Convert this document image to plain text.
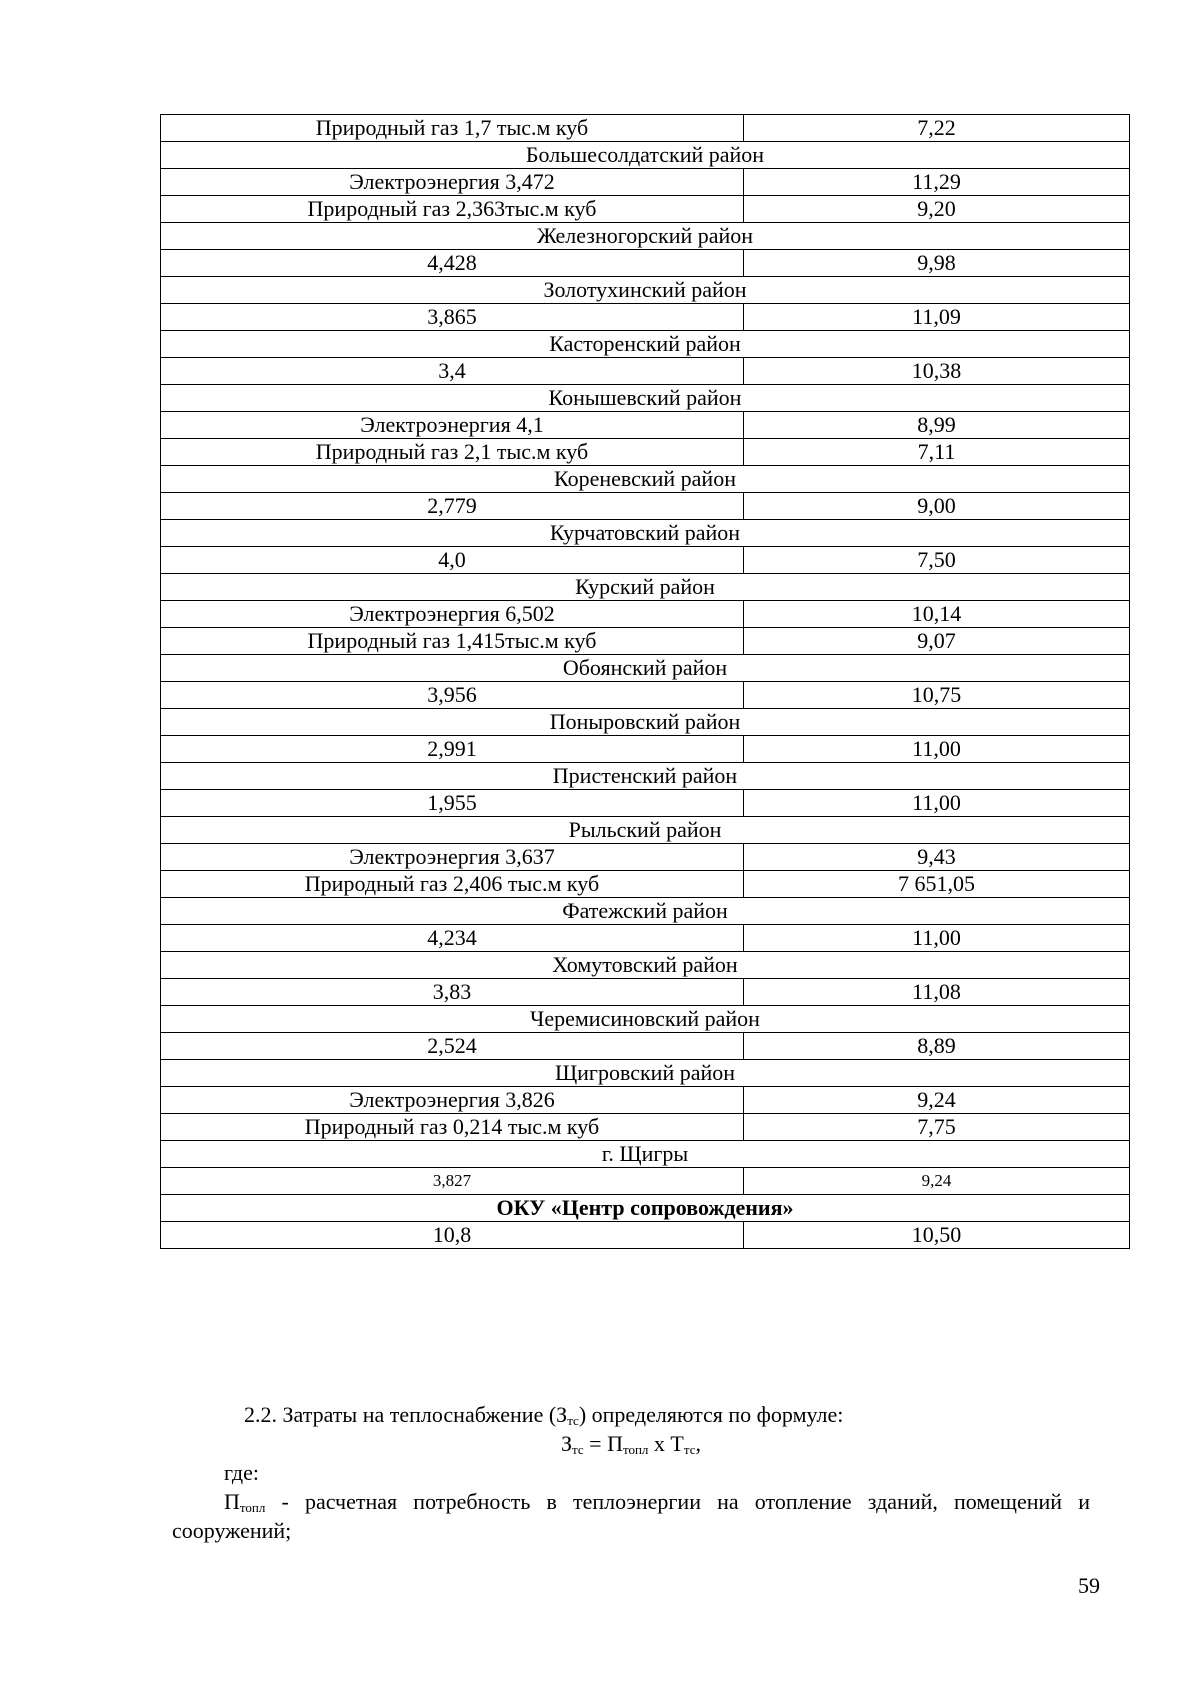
Природный газ 1,7 тыс.м куб	7,22
Большесолдатский район	
Электроэнергия 3,472	11,29
Природный газ 2,363тыс.м куб	9,20
Железногорский район	
4,428	9,98
Золотухинский район	
3,865	11,09
Касторенский район	
3,4	10,38
Конышевский район	
Электроэнергия 4,1	8,99
Природный газ 2,1 тыс.м куб	7,11
Кореневский район	
2,779	9,00
Курчатовский район	
4,0	7,50
Курский район	
Электроэнергия 6,502	10,14
Природный газ 1,415тыс.м куб	9,07
Обоянский район	
3,956	10,75
Поныровский район	
2,991	11,00
Пристенский район	
1,955	11,00
Рыльский район	
Электроэнергия 3,637	9,43
Природный газ 2,406 тыс.м куб	7 651,05
Фатежский район	
4,234	11,00
Хомутовский район	
3,83	11,08
Черемисиновский район	
2,524	8,89
Щигровский район	
Электроэнергия 3,826	9,24
Природный газ 0,214 тыс.м куб	7,75
г. Щигры	
3,827	9,24
ОКУ «Центр сопровождения»	
10,8	10,50

2.2. Затраты на теплоснабжение $(З_{тс})$ определяются по формуле:

$З_{тс} = П_{топл}$ х $Т_{тс}$,

где:

$П_{топл}$ - расчетная потребность в теплоэнергии на отопление зданий, помещений и сооружений;

59
